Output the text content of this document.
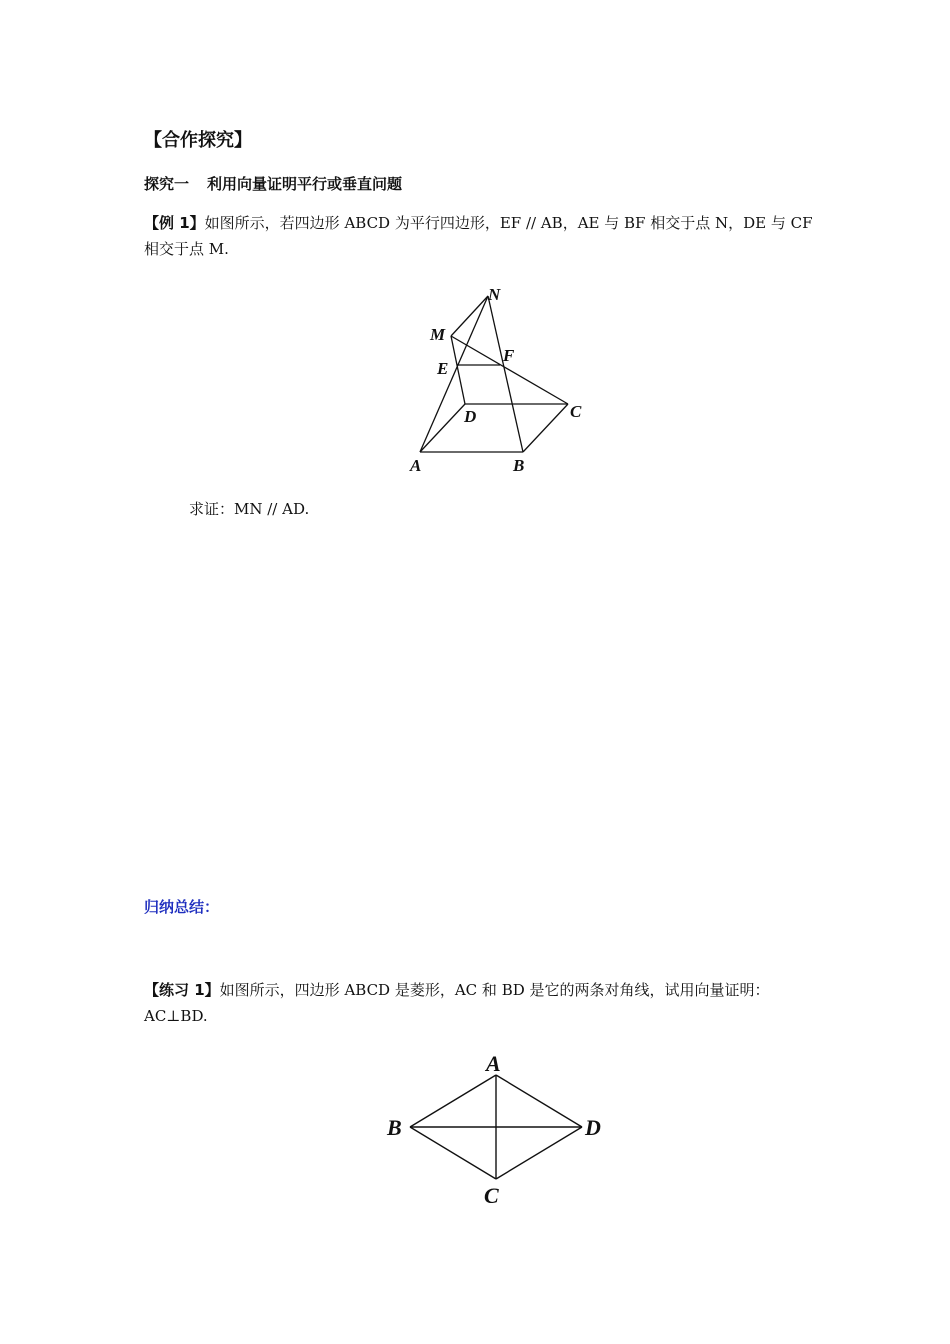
【合作探究】
探究一 利用向量证明平行或垂直问题
【例 1】如图所示，若四边形 ABCD 为平行四边形，EF // AB，AE 与 BF 相交于点 N，DE 与 CF 相交于点 M.
N
M
F
E
D	C
A	B
求证：MN // AD.
归纳总结：
【练习 1】如图所示，四边形 ABCD 是菱形，AC 和 BD 是它的两条对角线，试用向量证明：AC⊥BD.
A
B
C
D
